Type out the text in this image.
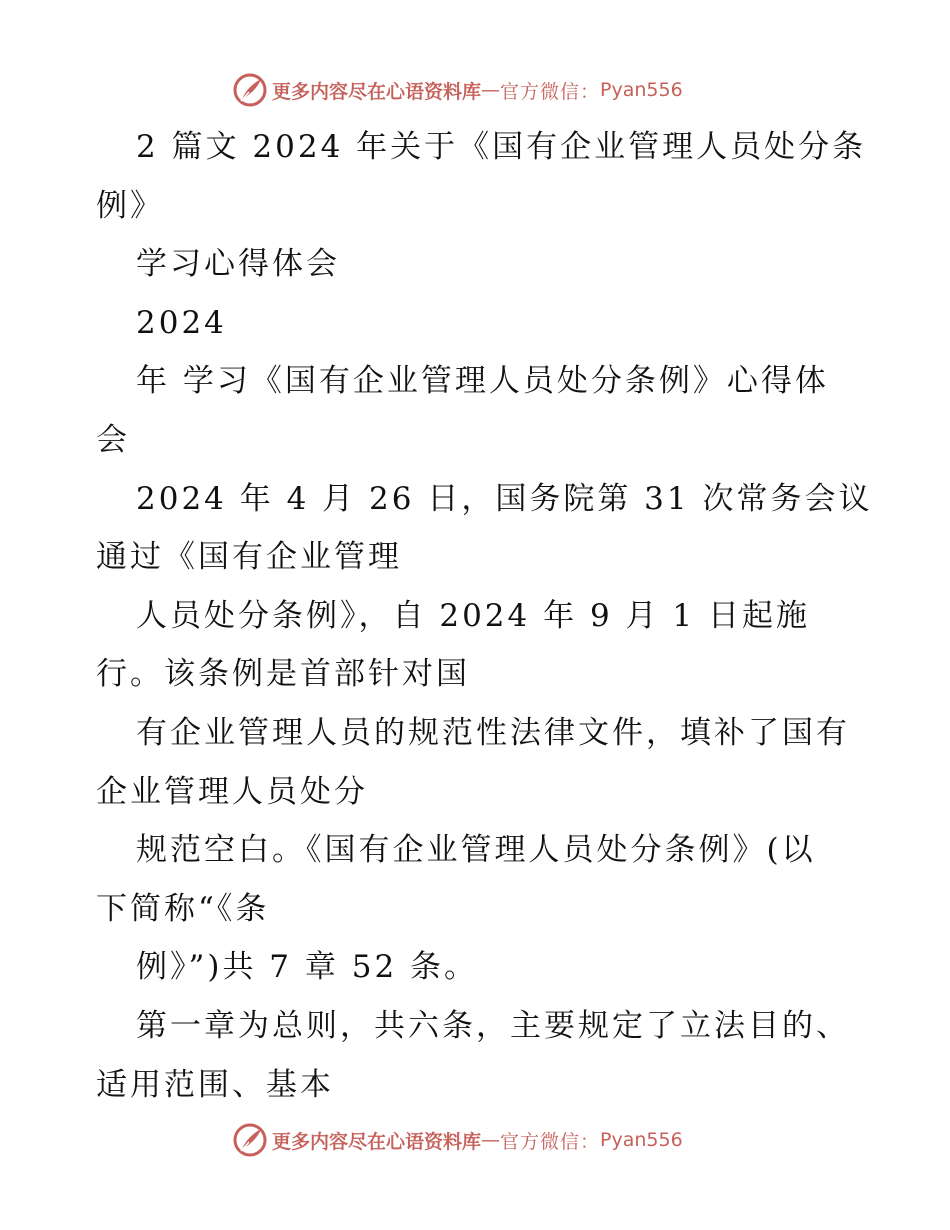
更多内容尽在心语资料库 — 官方微信： Pyan556
2 篇文 2024 年关于《国有企业管理人员处分条
例》
学习心得体会
2024
年 学习《国有企业管理人员处分条例》心得体
会
2024 年 4 月 26 日，国务院第 31 次常务会议
通过《国有企业管理
人员处分条例》，自 2024 年 9 月 1 日起施
行。该条例是首部针对国
有企业管理人员的规范性法律文件，填补了国有
企业管理人员处分
规范空白。《国有企业管理人员处分条例》(以
下简称“《条
例》”)共 7 章 52 条。
第一章为总则，共六条，主要规定了立法目的、
适用范围、基本
更多内容尽在心语资料库 — 官方微信： Pyan556
